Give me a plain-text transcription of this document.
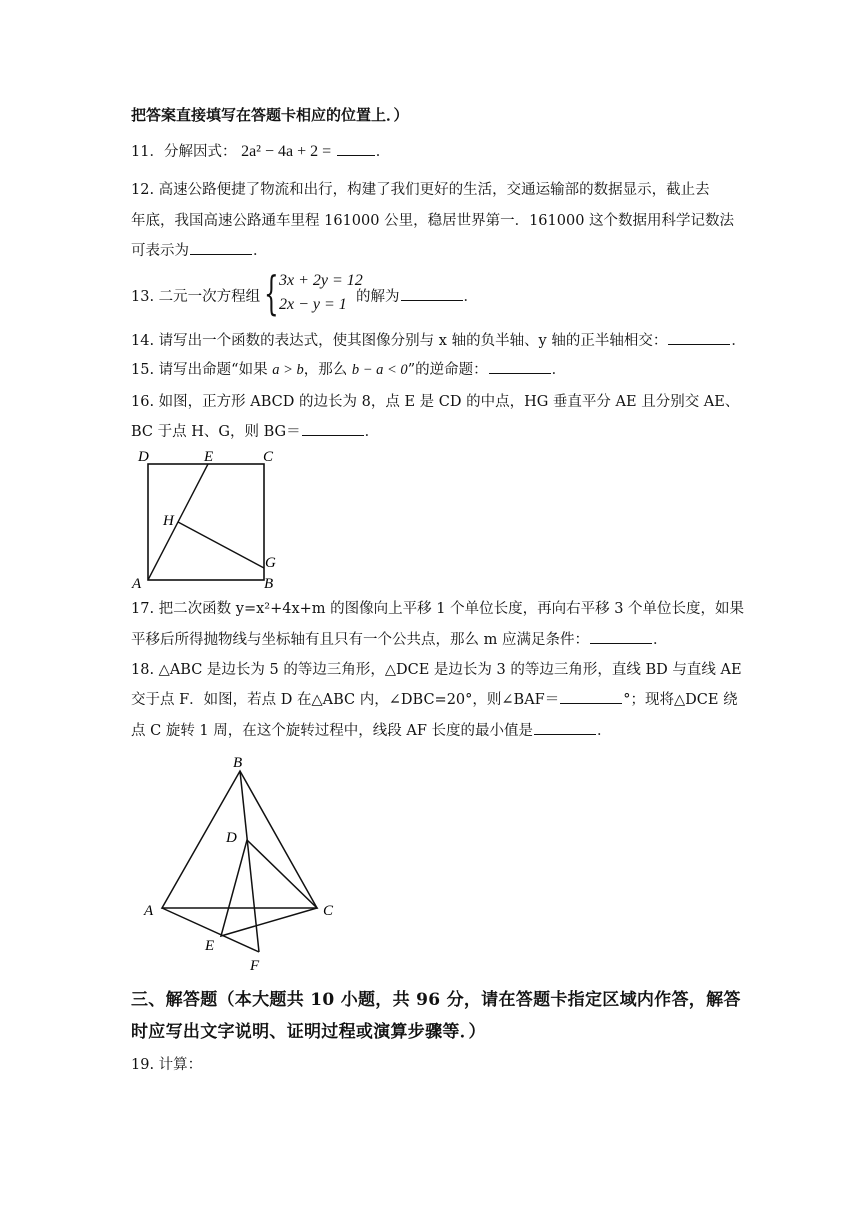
把答案直接填写在答题卡相应的位置上．）
11．分解因式： 2a² − 4a + 2 =	．
12. 高速公路便捷了物流和出行，构建了我们更好的生活，交通运输部的数据显示，截止去
年底，我国高速公路通车里程 161000 公里，稳居世界第一．161000 这个数据用科学记数法
可表示为	．
13. 二元一次方程组 { 3x + 2y = 12
2x − y = 1 的解为	．
14. 请写出一个函数的表达式，使其图像分别与 x 轴的负半轴、y 轴的正半轴相交：	．
15. 请写出命题“如果 a > b，那么 b − a < 0”的逆命题：	．
16. 如图，正方形 ABCD 的边长为 8，点 E 是 CD 的中点，HG 垂直平分 AE 且分别交 AE、
BC 于点 H、G，则 BG＝	．
D	E	C
H
G
A	B
17. 把二次函数 y=x²+4x+m 的图像向上平移 1 个单位长度，再向右平移 3 个单位长度，如果
平移后所得抛物线与坐标轴有且只有一个公共点，那么 m 应满足条件：	．
18. △ABC 是边长为 5 的等边三角形，△DCE 是边长为 3 的等边三角形，直线 BD 与直线 AE
交于点 F．如图，若点 D 在△ABC 内，∠DBC=20°，则∠BAF＝	°；现将△DCE 绕
点 C 旋转 1 周，在这个旋转过程中，线段 AF 长度的最小值是	．
B
D
A	C
E
F
三、解答题（本大题共 10 小题，共 96 分，请在答题卡指定区域内作答，解答
时应写出文字说明、证明过程或演算步骤等．）
19. 计算：
